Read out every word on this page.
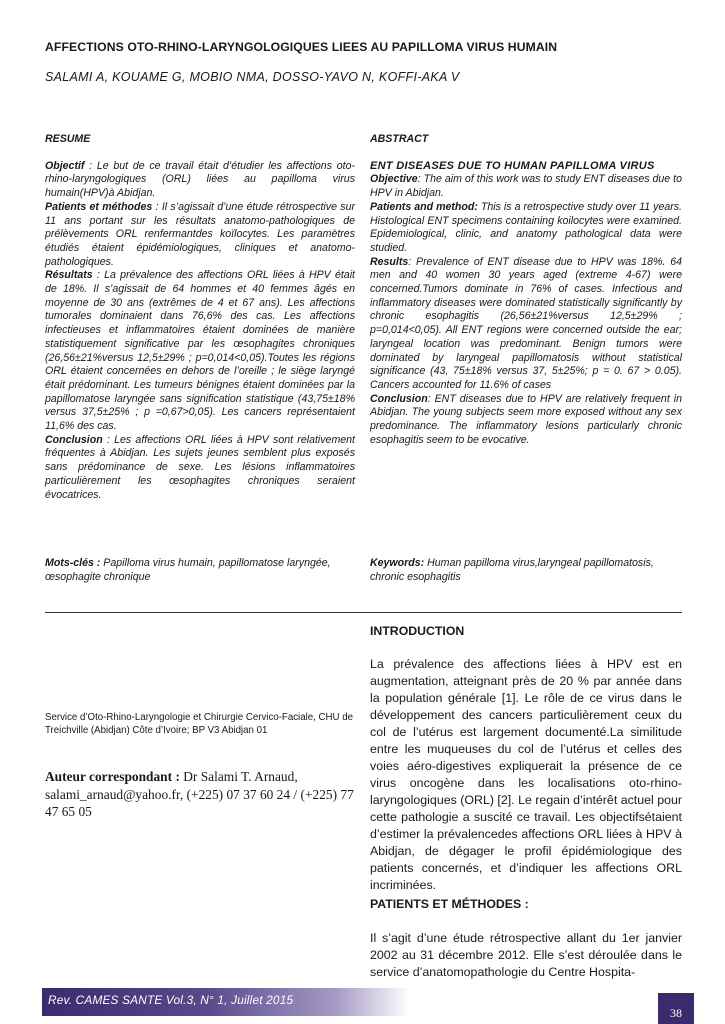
AFFECTIONS OTO-RHINO-LARYNGOLOGIQUES LIEES AU PAPILLOMA VIRUS HUMAIN
SALAMI A, KOUAME G, MOBIO NMA, DOSSO-YAVO N, KOFFI-AKA V

RESUME

Objectif : Le but de ce travail était d’étudier les affections oto-rhino-laryngologiques (ORL) liées au papilloma virus humain(HPV)à Abidjan.

Patients et méthodes : Il s’agissait d’une étude rétrospective sur 11 ans portant sur les résultats anatomo-pathologiques de prélèvements ORL renfermantdes koïlocytes. Les paramètres étudiés étaient épidémiologiques, cliniques et anatomo-pathologiques.

Résultats : La prévalence des affections ORL liées à HPV était de 18%. Il s’agissait de 64 hommes et 40 femmes âgés en moyenne de 30 ans (extrêmes de 4 et 67 ans). Les affections tumorales dominaient dans 76,6% des cas. Les affections infectieuses et inflammatoires étaient dominées de manière statistiquement significative par les œsophagites chroniques (26,56±21%versus 12,5±29% ; p=0,014<0,05).Toutes les régions ORL étaient concernées en dehors de l’oreille ; le siège laryngé était prédominant. Les tumeurs bénignes étaient dominées par la papillomatose laryngée sans signification statistique (43,75±18% versus 37,5±25% ; p =0,67>0,05). Les cancers représentaient 11,6% des cas.

Conclusion : Les affections ORL liées à HPV sont relativement fréquentes à Abidjan. Les sujets jeunes semblent plus exposés sans prédominance de sexe. Les lésions inflammatoires particulièrement les œsophagites chroniques seraient évocatrices.

ABSTRACT

ENT DISEASES DUE TO HUMAN PAPILLOMA VIRUS

Objective: The aim of this work was to study ENT diseases due to HPV in Abidjan.

Patients and method: This is a retrospective study over 11 years. Histological ENT specimens containing koilocytes were examined. Epidemiological, clinic, and anatomy pathological data were studied.

Results: Prevalence of ENT disease due to HPV was 18%. 64 men and 40 women 30 years aged (extreme 4-67) were concerned.Tumors dominate in 76% of cases. Infectious and inflammatory diseases were dominated statistically significantly by chronic esophagitis (26,56±21%versus 12,5±29% ; p=0,014<0,05). All ENT regions were concerned outside the ear; laryngeal location was predominant. Benign tumors were dominated by laryngeal papillomatosis without statistical significance (43, 75±18% versus 37, 5±25%; p = 0. 67 > 0.05). Cancers accounted for 11.6% of cases

Conclusion: ENT diseases due to HPV are relatively frequent in Abidjan. The young subjects seem more exposed without any sex predominance. The inflammatory lesions particularly chronic esophagitis seem to be evocative.

Mots-clés : Papilloma virus humain, papillomatose laryngée, œsophagite chronique
Keywords: Human papilloma virus,laryngeal papillomatosis, chronic esophagitis
Service d’Oto-Rhino-Laryngologie et Chirurgie Cervico-Faciale, CHU de Treichville (Abidjan) Côte d’Ivoire; BP V3 Abidjan 01
Auteur correspondant : Dr Salami T. Arnaud, salami_arnaud@yahoo.fr, (+225) 07 37 60 24 / (+225) 77 47 65 05
INTRODUCTION
La prévalence des affections liées à HPV est en augmentation, atteignant près de 20 % par année dans la population générale [1]. Le rôle de ce virus dans le développement des cancers particulièrement ceux du col de l’utérus est largement documenté.La similitude entre les muqueuses du col de l’utérus et celles des voies aéro-digestives expliquerait la présence de ce virus oncogène dans les localisations oto-rhino-laryngologiques (ORL) [2]. Le regain d’intérêt actuel pour cette pathologie a suscité ce travail. Les objectifsétaient d’estimer la prévalencedes affections ORL liées à HPV à Abidjan, de dégager le profil épidémiologique des patients concernés, et d’indiquer les affections ORL incriminées.
PATIENTS ET MÉTHODES :
Il s’agit d’une étude rétrospective allant du 1er janvier 2002 au 31 décembre 2012. Elle s’est déroulée dans le service d’anatomopathologie du Centre Hospita-
Rev. CAMES SANTE Vol.3, N° 1, Juillet 2015
38
